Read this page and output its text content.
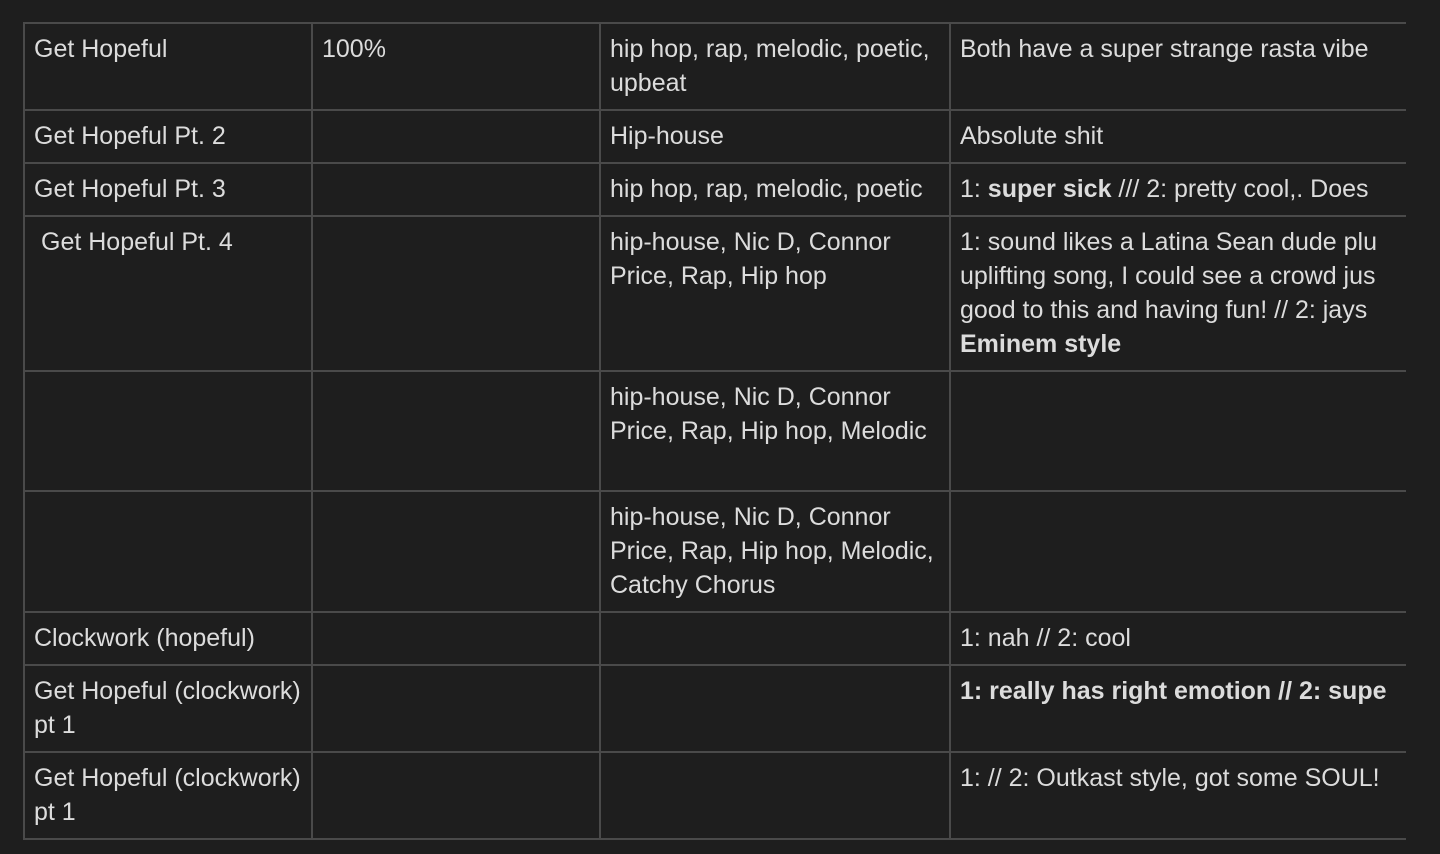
Get Hopeful	100%	hip hop, rap, melodic, poetic, upbeat	Both have a super strange rasta vibe
Get Hopeful Pt. 2		Hip-house	Absolute shit
Get Hopeful Pt. 3		hip hop, rap, melodic, poetic	1: super sick /// 2: pretty cool,. Does
Get Hopeful Pt. 4		hip-house, Nic D, Connor Price, Rap, Hip hop	1: sound likes a Latina Sean dude plu
uplifting song, I could see a crowd jus
good to this and having fun! // 2: jays
Eminem style

		hip-house, Nic D, Connor Price, Rap, Hip hop, Melodic	
		hip-house, Nic D, Connor Price, Rap, Hip hop, Melodic, Catchy Chorus	
Clockwork (hopeful)			1: nah // 2: cool
Get Hopeful (clockwork) pt 1			1: really has right emotion // 2: supe
Get Hopeful (clockwork) pt 1			1: // 2: Outkast style, got some SOUL!
